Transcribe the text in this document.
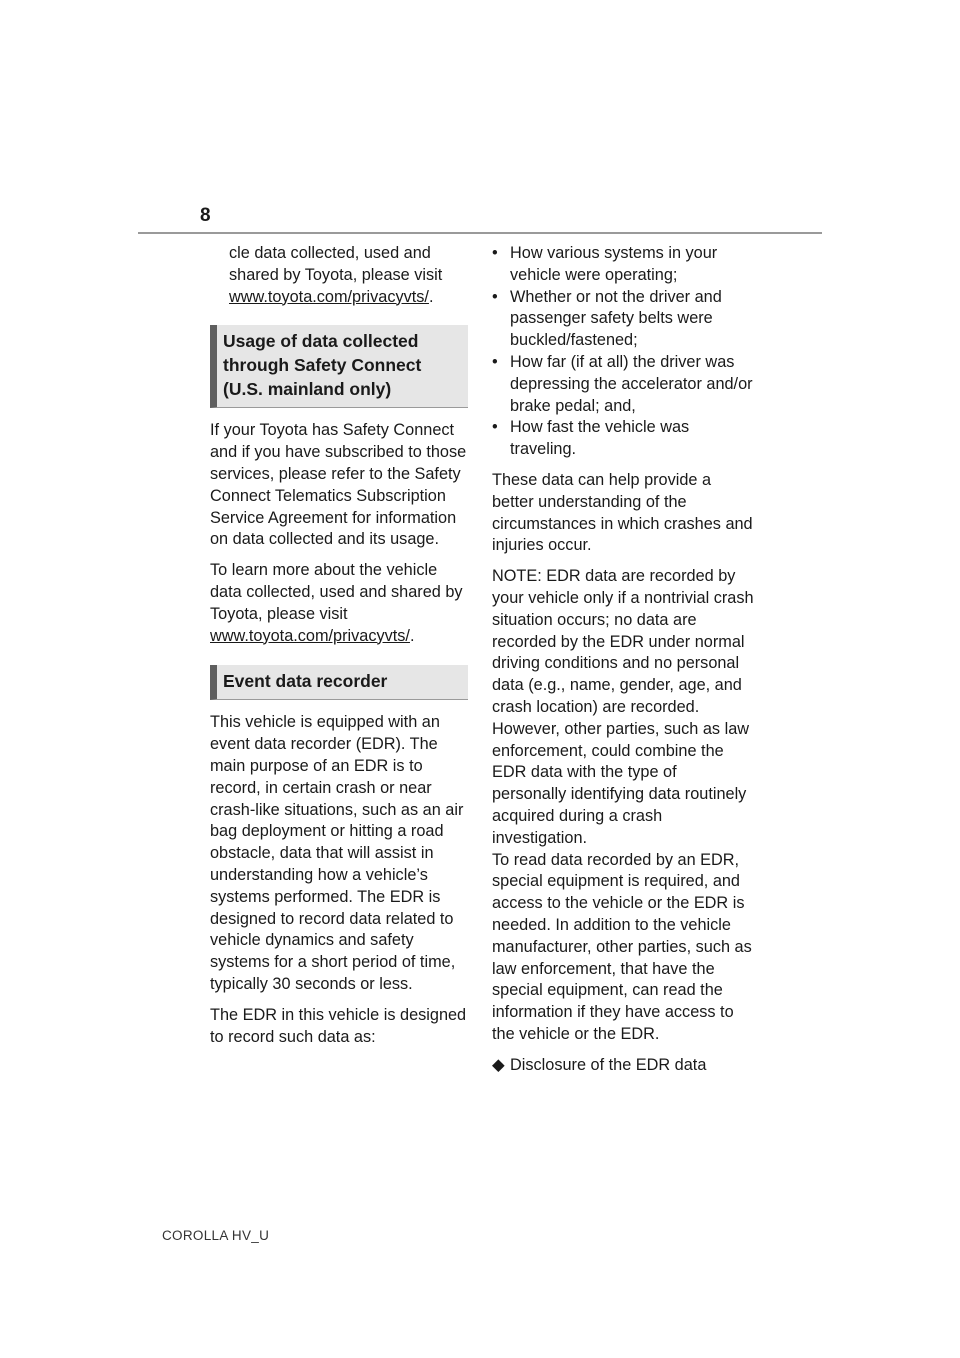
8
cle data collected, used and
shared by Toyota, please visit
www.toyota.com/privacyvts/.
Usage of data collected through Safety Connect (U.S. mainland only)

If your Toyota has Safety Connect and if you have subscribed to those services, please refer to the Safety Connect Telematics Subscription Service Agreement for information on data collected and its usage.

To learn more about the vehicle data collected, used and shared by Toyota, please visit www.toyota.com/privacyvts/.

Event data recorder

This vehicle is equipped with an event data recorder (EDR). The main purpose of an EDR is to record, in certain crash or near crash-like situations, such as an air bag deployment or hitting a road obstacle, data that will assist in understanding how a vehicle’s systems performed. The EDR is designed to record data related to vehicle dynamics and safety systems for a short period of time, typically 30 seconds or less.

The EDR in this vehicle is designed to record such data as:

• How various systems in your vehicle were operating;
• Whether or not the driver and passenger safety belts were buckled/fastened;
• How far (if at all) the driver was depressing the accelerator and/or brake pedal; and,
• How fast the vehicle was traveling.

These data can help provide a better understanding of the circumstances in which crashes and injuries occur.

NOTE: EDR data are recorded by your vehicle only if a nontrivial crash situation occurs; no data are recorded by the EDR under normal driving conditions and no personal data (e.g., name, gender, age, and crash location) are recorded. However, other parties, such as law enforcement, could combine the EDR data with the type of personally identifying data routinely acquired during a crash investigation.

To read data recorded by an EDR, special equipment is required, and access to the vehicle or the EDR is needed. In addition to the vehicle manufacturer, other parties, such as law enforcement, that have the special equipment, can read the information if they have access to the vehicle or the EDR.

◆ Disclosure of the EDR data
COROLLA HV_U
